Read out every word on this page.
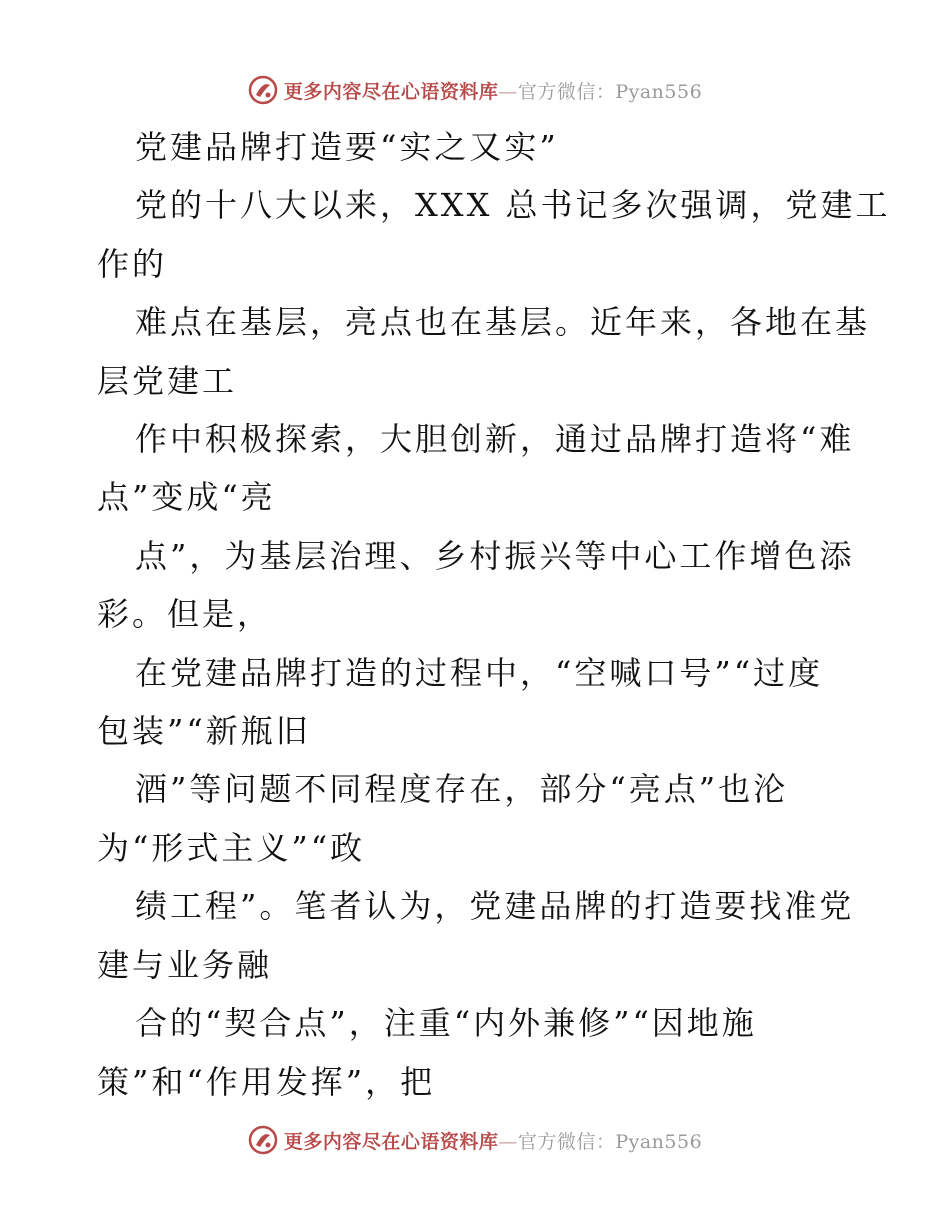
更多内容尽在心语资料库—官方微信：Pyan556

党建品牌打造要“实之又实”

党的十八大以来，XXX 总书记多次强调，党建工

作的

难点在基层，亮点也在基层。近年来，各地在基

层党建工

作中积极探索，大胆创新，通过品牌打造将“难

点”变成“亮

点”，为基层治理、乡村振兴等中心工作增色添

彩。但是，

在党建品牌打造的过程中，“空喊口号”“过度

包装”“新瓶旧

酒”等问题不同程度存在，部分“亮点”也沦

为“形式主义”“政

绩工程”。笔者认为，党建品牌的打造要找准党

建与业务融

合的“契合点”，注重“内外兼修”“因地施

策”和“作用发挥”，把

更多内容尽在心语资料库—官方微信：Pyan556
